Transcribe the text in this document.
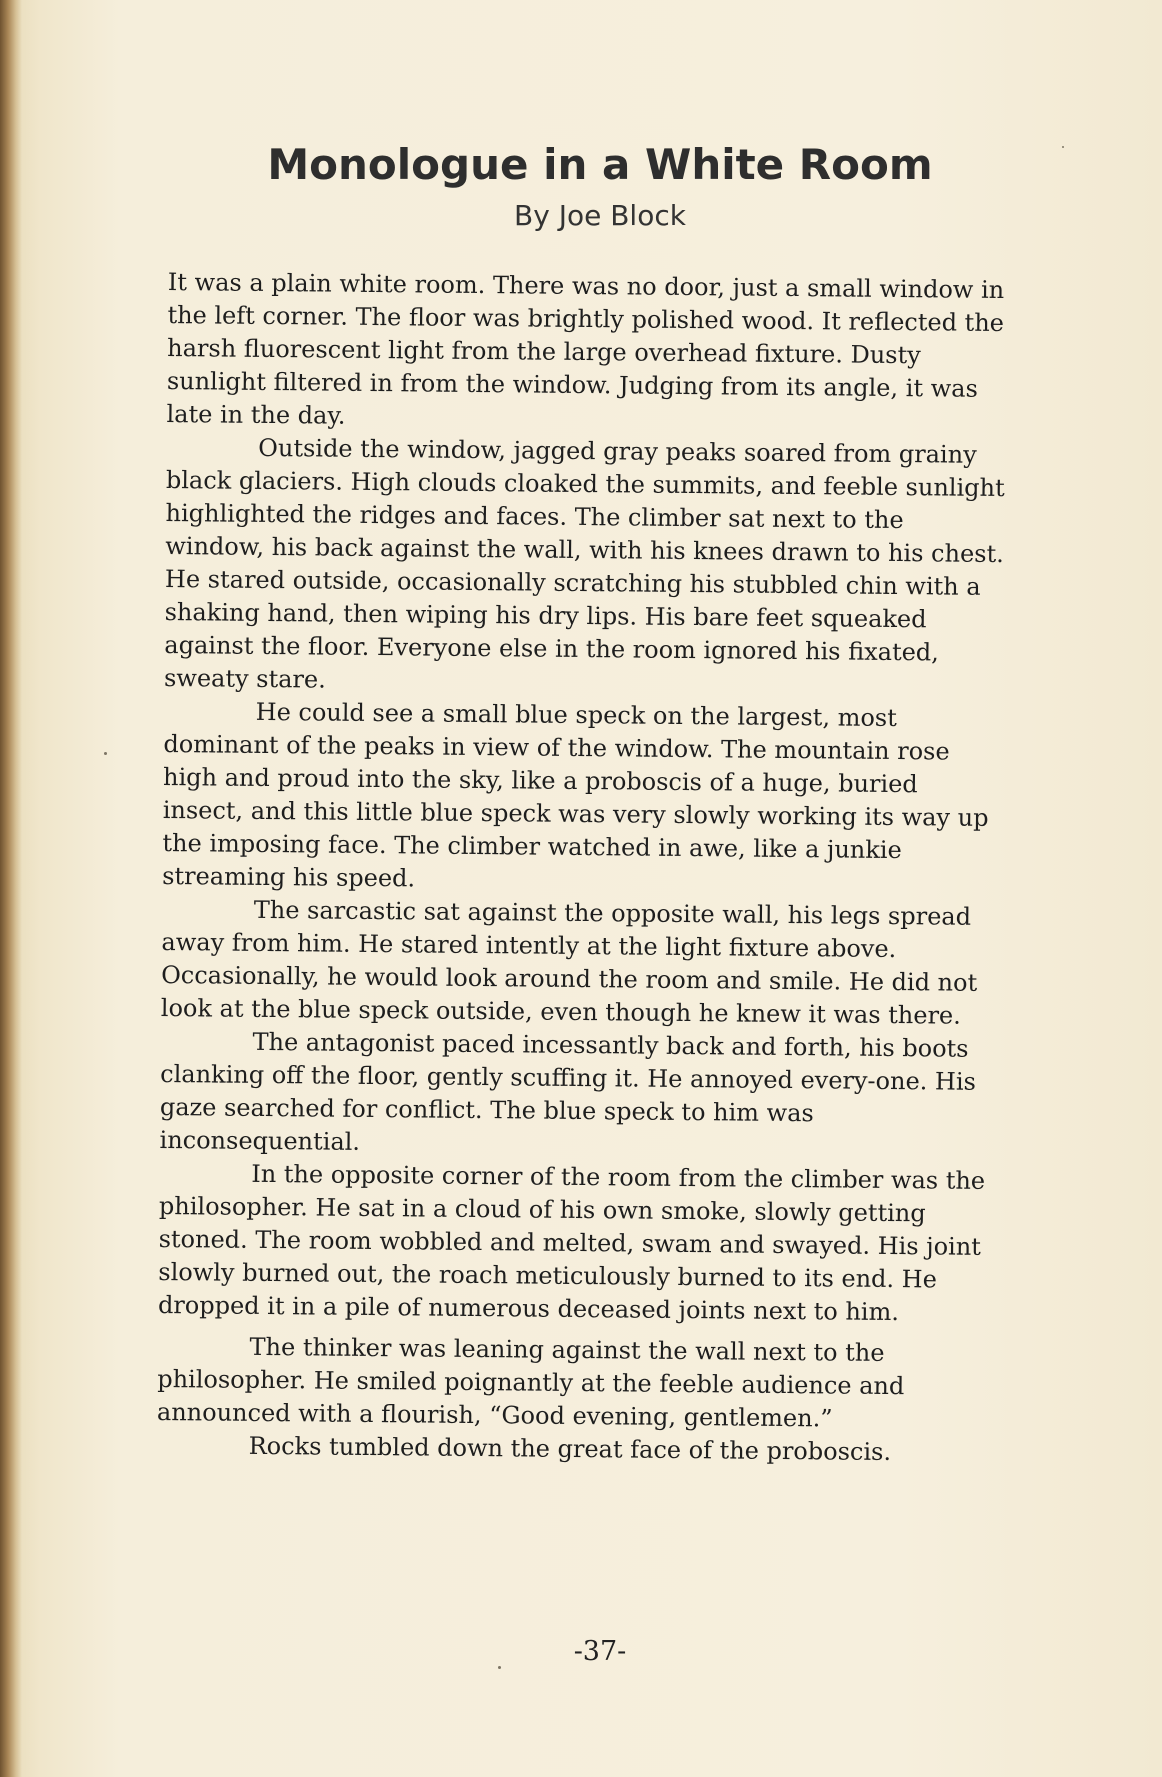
Monologue in a White Room

By Joe Block

It was a plain white room. There was no door, just a small window in the left corner. The floor was brightly polished wood. It reflected the harsh fluorescent light from the large overhead fixture. Dusty sunlight filtered in from the window. Judging from its angle, it was late in the day.

Outside the window, jagged gray peaks soared from grainy black glaciers. High clouds cloaked the summits, and feeble sunlight highlighted the ridges and faces. The climber sat next to the window, his back against the wall, with his knees drawn to his chest. He stared outside, occasionally scratching his stubbled chin with a shaking hand, then wiping his dry lips. His bare feet squeaked against the floor. Everyone else in the room ignored his fixated, sweaty stare.

He could see a small blue speck on the largest, most dominant of the peaks in view of the window. The mountain rose high and proud into the sky, like a proboscis of a huge, buried insect, and this little blue speck was very slowly working its way up the imposing face. The climber watched in awe, like a junkie streaming his speed.

The sarcastic sat against the opposite wall, his legs spread away from him. He stared intently at the light fixture above. Occasionally, he would look around the room and smile. He did not look at the blue speck outside, even though he knew it was there.

The antagonist paced incessantly back and forth, his boots clanking off the floor, gently scuffing it. He annoyed every-one. His gaze searched for conflict. The blue speck to him was inconsequential.

In the opposite corner of the room from the climber was the philosopher. He sat in a cloud of his own smoke, slowly getting stoned. The room wobbled and melted, swam and swayed. His joint slowly burned out, the roach meticulously burned to its end. He dropped it in a pile of numerous deceased joints next to him.

The thinker was leaning against the wall next to the philosopher. He smiled poignantly at the feeble audience and announced with a flourish, “Good evening, gentlemen.”

Rocks tumbled down the great face of the proboscis.

-37-
